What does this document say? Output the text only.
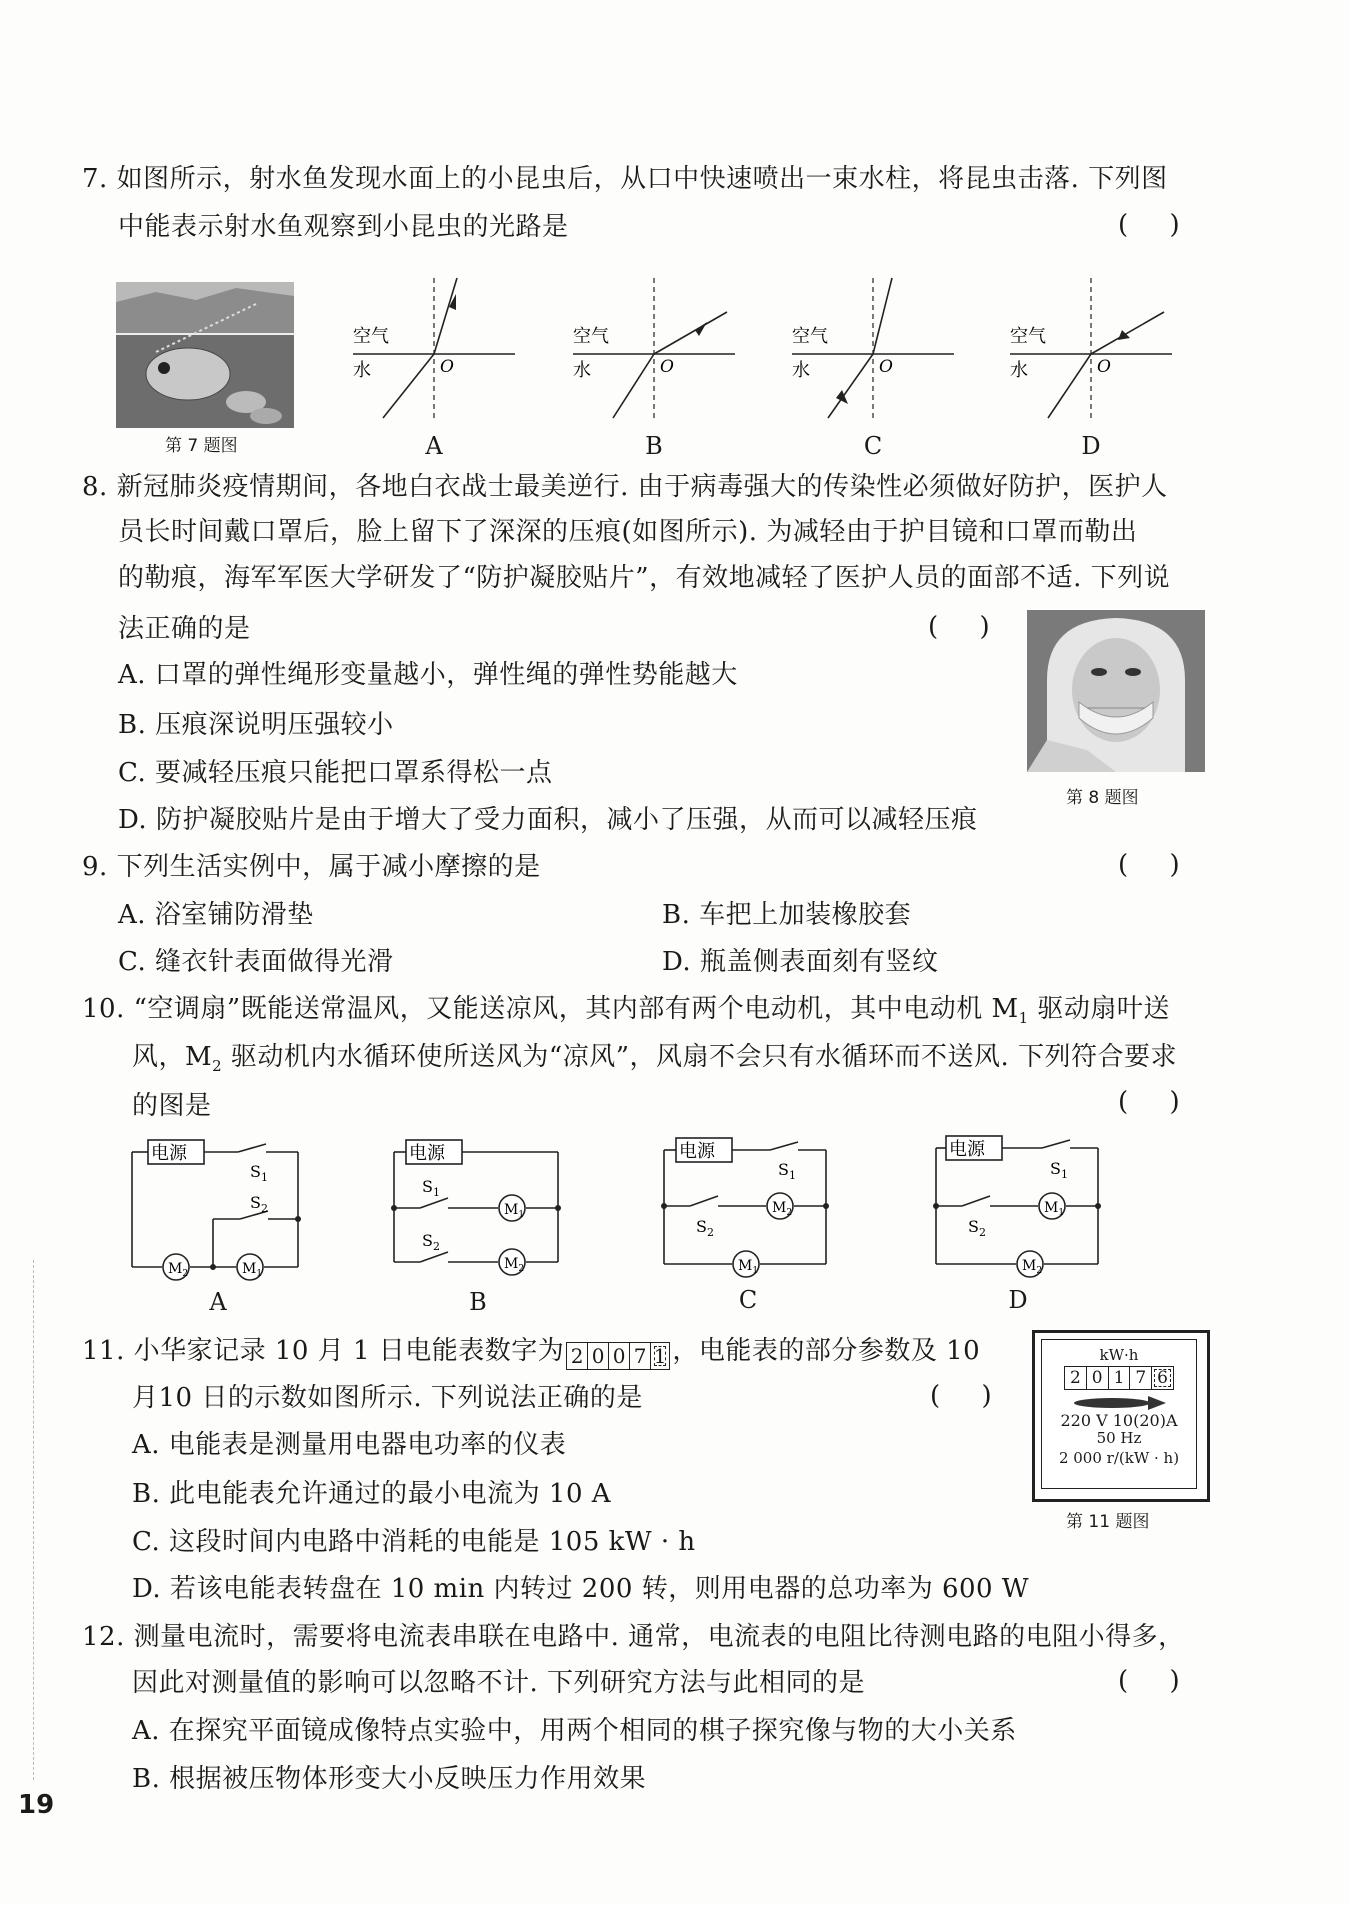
7. 如图所示，射水鱼发现水面上的小昆虫后，从口中快速喷出一束水柱，将昆虫击落. 下列图
中能表示射水鱼观察到小昆虫的光路是	(     )
第 7 题图
空气
水	O
空气
水	O
空气
水	O
空气
水	O
A	B	C	D
8. 新冠肺炎疫情期间，各地白衣战士最美逆行. 由于病毒强大的传染性必须做好防护，医护人
员长时间戴口罩后，脸上留下了深深的压痕(如图所示). 为减轻由于护目镜和口罩而勒出
的勒痕，海军军医大学研发了“防护凝胶贴片”，有效地减轻了医护人员的面部不适. 下列说
法正确的是	(     )
A. 口罩的弹性绳形变量越小，弹性绳的弹性势能越大
B. 压痕深说明压强较小
C. 要减轻压痕只能把口罩系得松一点
D. 防护凝胶贴片是由于增大了受力面积，减小了压强，从而可以减轻压痕
第 8 题图
9. 下列生活实例中，属于减小摩擦的是	(     )
A. 浴室铺防滑垫	B. 车把上加装橡胶套
C. 缝衣针表面做得光滑	D. 瓶盖侧表面刻有竖纹
10. “空调扇”既能送常温风，又能送凉风，其内部有两个电动机，其中电动机 $M_1$ 驱动扇叶送
风，$M_2$ 驱动机内水循环使所送风为“凉风”，风扇不会只有水循环而不送风. 下列符合要求
的图是	(     )
电源
$S_1$
$S_2$
$M_2$	$M_1$
A
电源
$S_1$
$S_2$
$M_1$
$M_2$
B
电源
$S_1$
$S_2$
$M_2$
$M_1$
C
电源
$S_1$
$S_2$
$M_1$
$M_2$
D
11. 小华家记录 10 月 1 日电能表数字为 2 0 0 7 1 ，电能表的部分参数及 10
月10 日的示数如图所示. 下列说法正确的是	(     )
A. 电能表是测量用电器电功率的仪表
B. 此电能表允许通过的最小电流为 10 A
C. 这段时间内电路中消耗的电能是 105 kW · h
D. 若该电能表转盘在 10 min 内转过 200 转，则用电器的总功率为 600 W
kW·h
2 0 1 7 6
220 V 10(20)A
50 Hz
2 000 r/(kW · h)
第 11 题图
12. 测量电流时，需要将电流表串联在电路中. 通常，电流表的电阻比待测电路的电阻小得多，
因此对测量值的影响可以忽略不计. 下列研究方法与此相同的是	(     )
A. 在探究平面镜成像特点实验中，用两个相同的棋子探究像与物的大小关系
B. 根据被压物体形变大小反映压力作用效果
19
